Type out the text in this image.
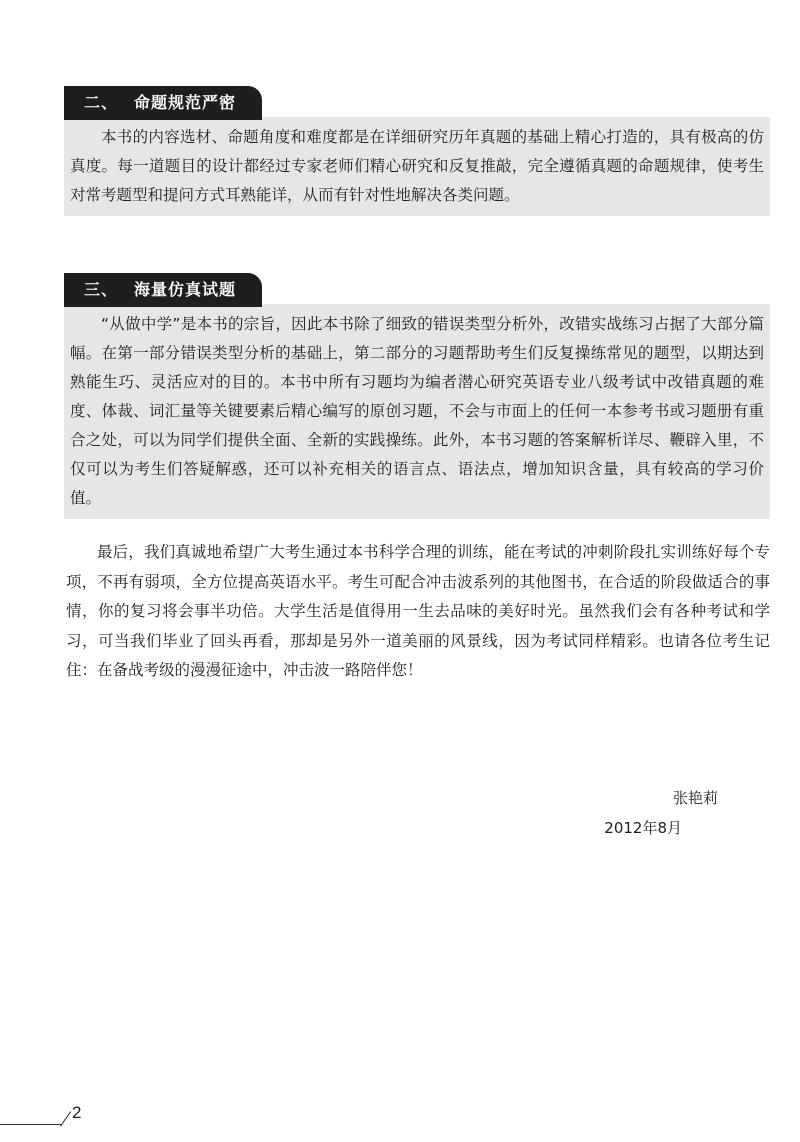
二、 命题规范严密

本书的内容选材、命题角度和难度都是在详细研究历年真题的基础上精心打造的，具有极高的仿真度。每一道题目的设计都经过专家老师们精心研究和反复推敲，完全遵循真题的命题规律，使考生对常考题型和提问方式耳熟能详，从而有针对性地解决各类问题。

三、 海量仿真试题

“从做中学”是本书的宗旨，因此本书除了细致的错误类型分析外，改错实战练习占据了大部分篇幅。在第一部分错误类型分析的基础上，第二部分的习题帮助考生们反复操练常见的题型，以期达到熟能生巧、灵活应对的目的。本书中所有习题均为编者潜心研究英语专业八级考试中改错真题的难度、体裁、词汇量等关键要素后精心编写的原创习题，不会与市面上的任何一本参考书或习题册有重合之处，可以为同学们提供全面、全新的实践操练。此外，本书习题的答案解析详尽、鞭辟入里，不仅可以为考生们答疑解惑，还可以补充相关的语言点、语法点，增加知识含量，具有较高的学习价值。

最后，我们真诚地希望广大考生通过本书科学合理的训练，能在考试的冲刺阶段扎实训练好每个专项，不再有弱项，全方位提高英语水平。考生可配合冲击波系列的其他图书，在合适的阶段做适合的事情，你的复习将会事半功倍。大学生活是值得用一生去品味的美好时光。虽然我们会有各种考试和学习，可当我们毕业了回头再看，那却是另外一道美丽的风景线，因为考试同样精彩。也请各位考生记住：在备战考级的漫漫征途中，冲击波一路陪伴您！

张艳莉
2012年8月
2
